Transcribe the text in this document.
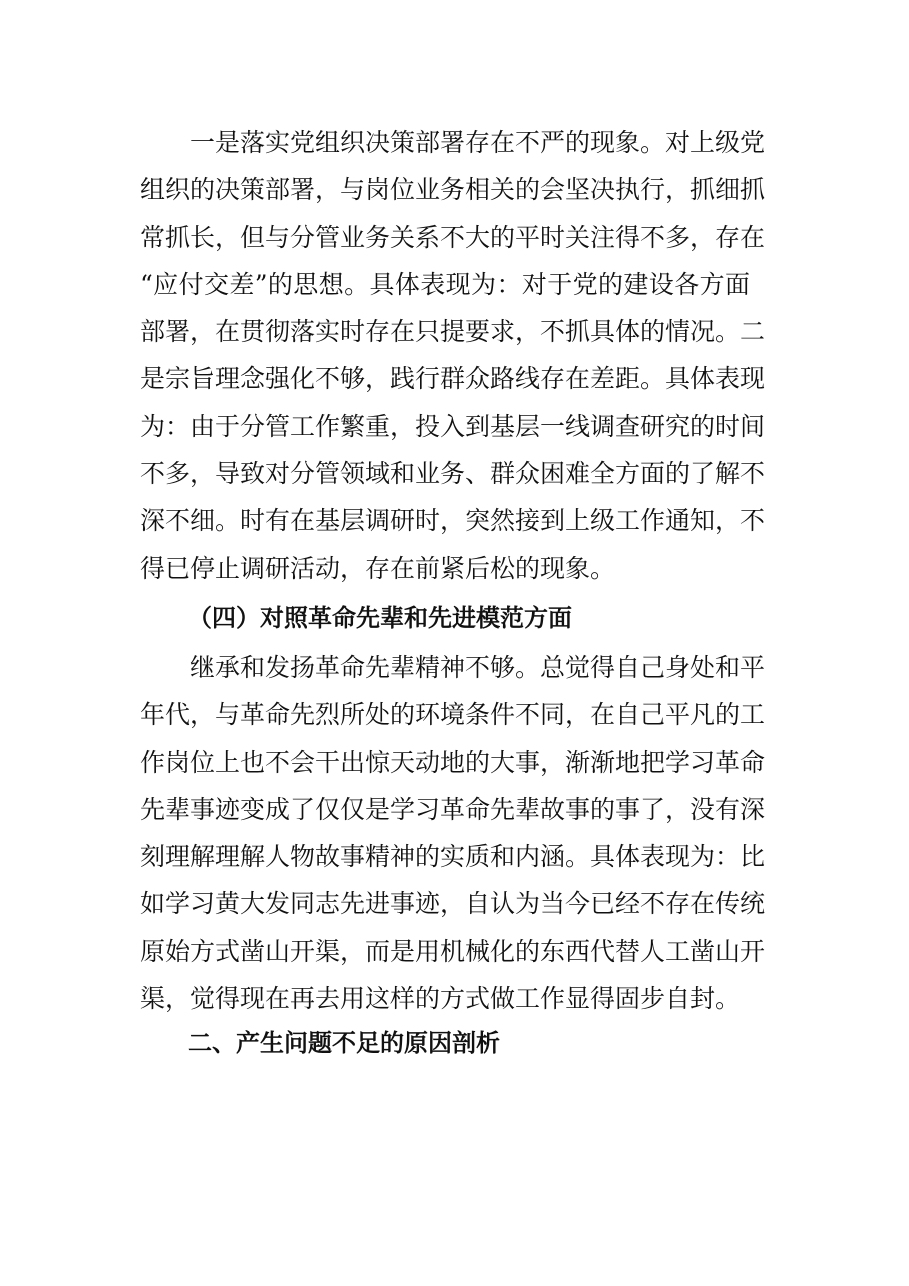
一是落实党组织决策部署存在不严的现象。对上级党
组织的决策部署，与岗位业务相关的会坚决执行，抓细抓
常抓长，但与分管业务关系不大的平时关注得不多，存在
“应付交差”的思想。具体表现为：对于党的建设各方面
部署，在贯彻落实时存在只提要求，不抓具体的情况。二
是宗旨理念强化不够，践行群众路线存在差距。具体表现
为：由于分管工作繁重，投入到基层一线调查研究的时间
不多，导致对分管领域和业务、群众困难全方面的了解不
深不细。时有在基层调研时，突然接到上级工作通知，不
得已停止调研活动，存在前紧后松的现象。
（四）对照革命先辈和先进模范方面
继承和发扬革命先辈精神不够。总觉得自己身处和平
年代，与革命先烈所处的环境条件不同，在自己平凡的工
作岗位上也不会干出惊天动地的大事，渐渐地把学习革命
先辈事迹变成了仅仅是学习革命先辈故事的事了，没有深
刻理解理解人物故事精神的实质和内涵。具体表现为：比
如学习黄大发同志先进事迹，自认为当今已经不存在传统
原始方式凿山开渠，而是用机械化的东西代替人工凿山开
渠，觉得现在再去用这样的方式做工作显得固步自封。
二、产生问题不足的原因剖析
